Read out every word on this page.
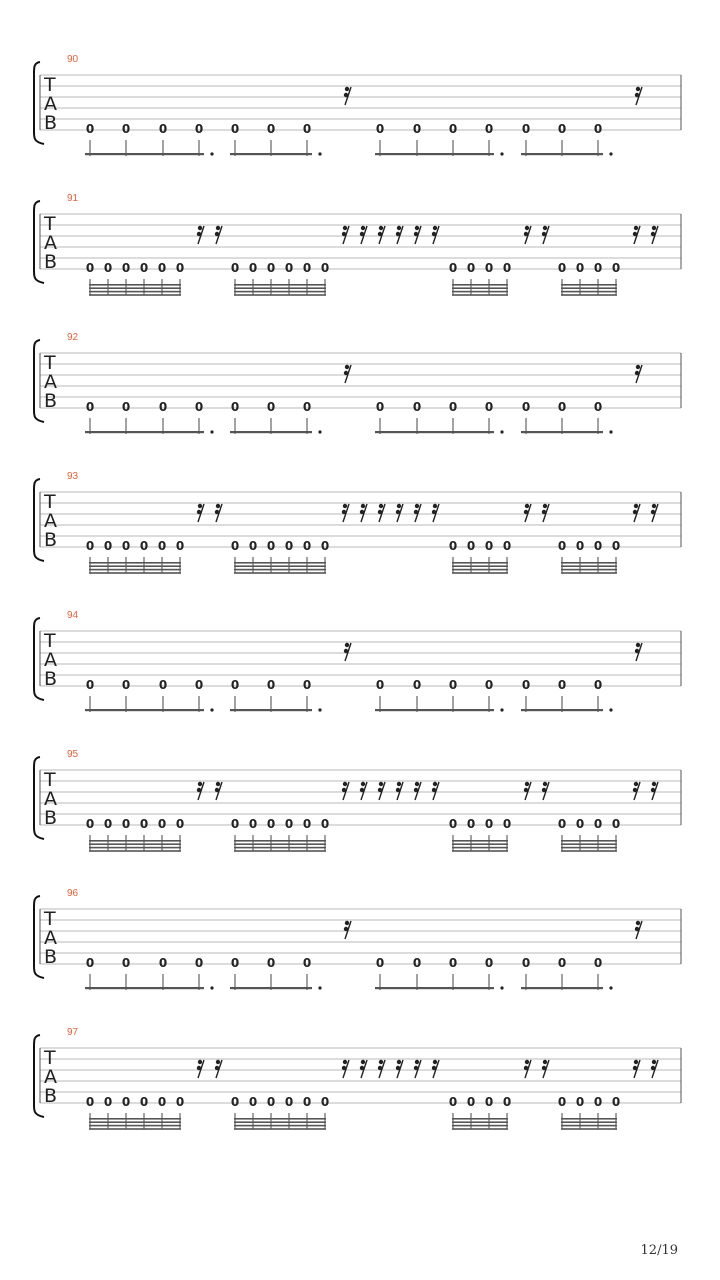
T
A
B
90
0 0 0 0 0 0 0	0 0 0 0 0 0 0
T
A
B
91
0 0 0 0 0 0	0 0 0 0 0 0	0 0 0 0	0 0 0 0
T
A
B
92
0 0 0 0 0 0 0	0 0 0 0 0 0 0
T
A
B
93
0 0 0 0 0 0	0 0 0 0 0 0	0 0 0 0	0 0 0 0
T
A
B
94
0 0 0 0 0 0 0	0 0 0 0 0 0 0
T
A
B
95
0 0 0 0 0 0	0 0 0 0 0 0	0 0 0 0	0 0 0 0
T
A
B
96
0 0 0 0 0 0 0	0 0 0 0 0 0 0
T
A
B
97
0 0 0 0 0 0	0 0 0 0 0 0	0 0 0 0	0 0 0 0
12/19
